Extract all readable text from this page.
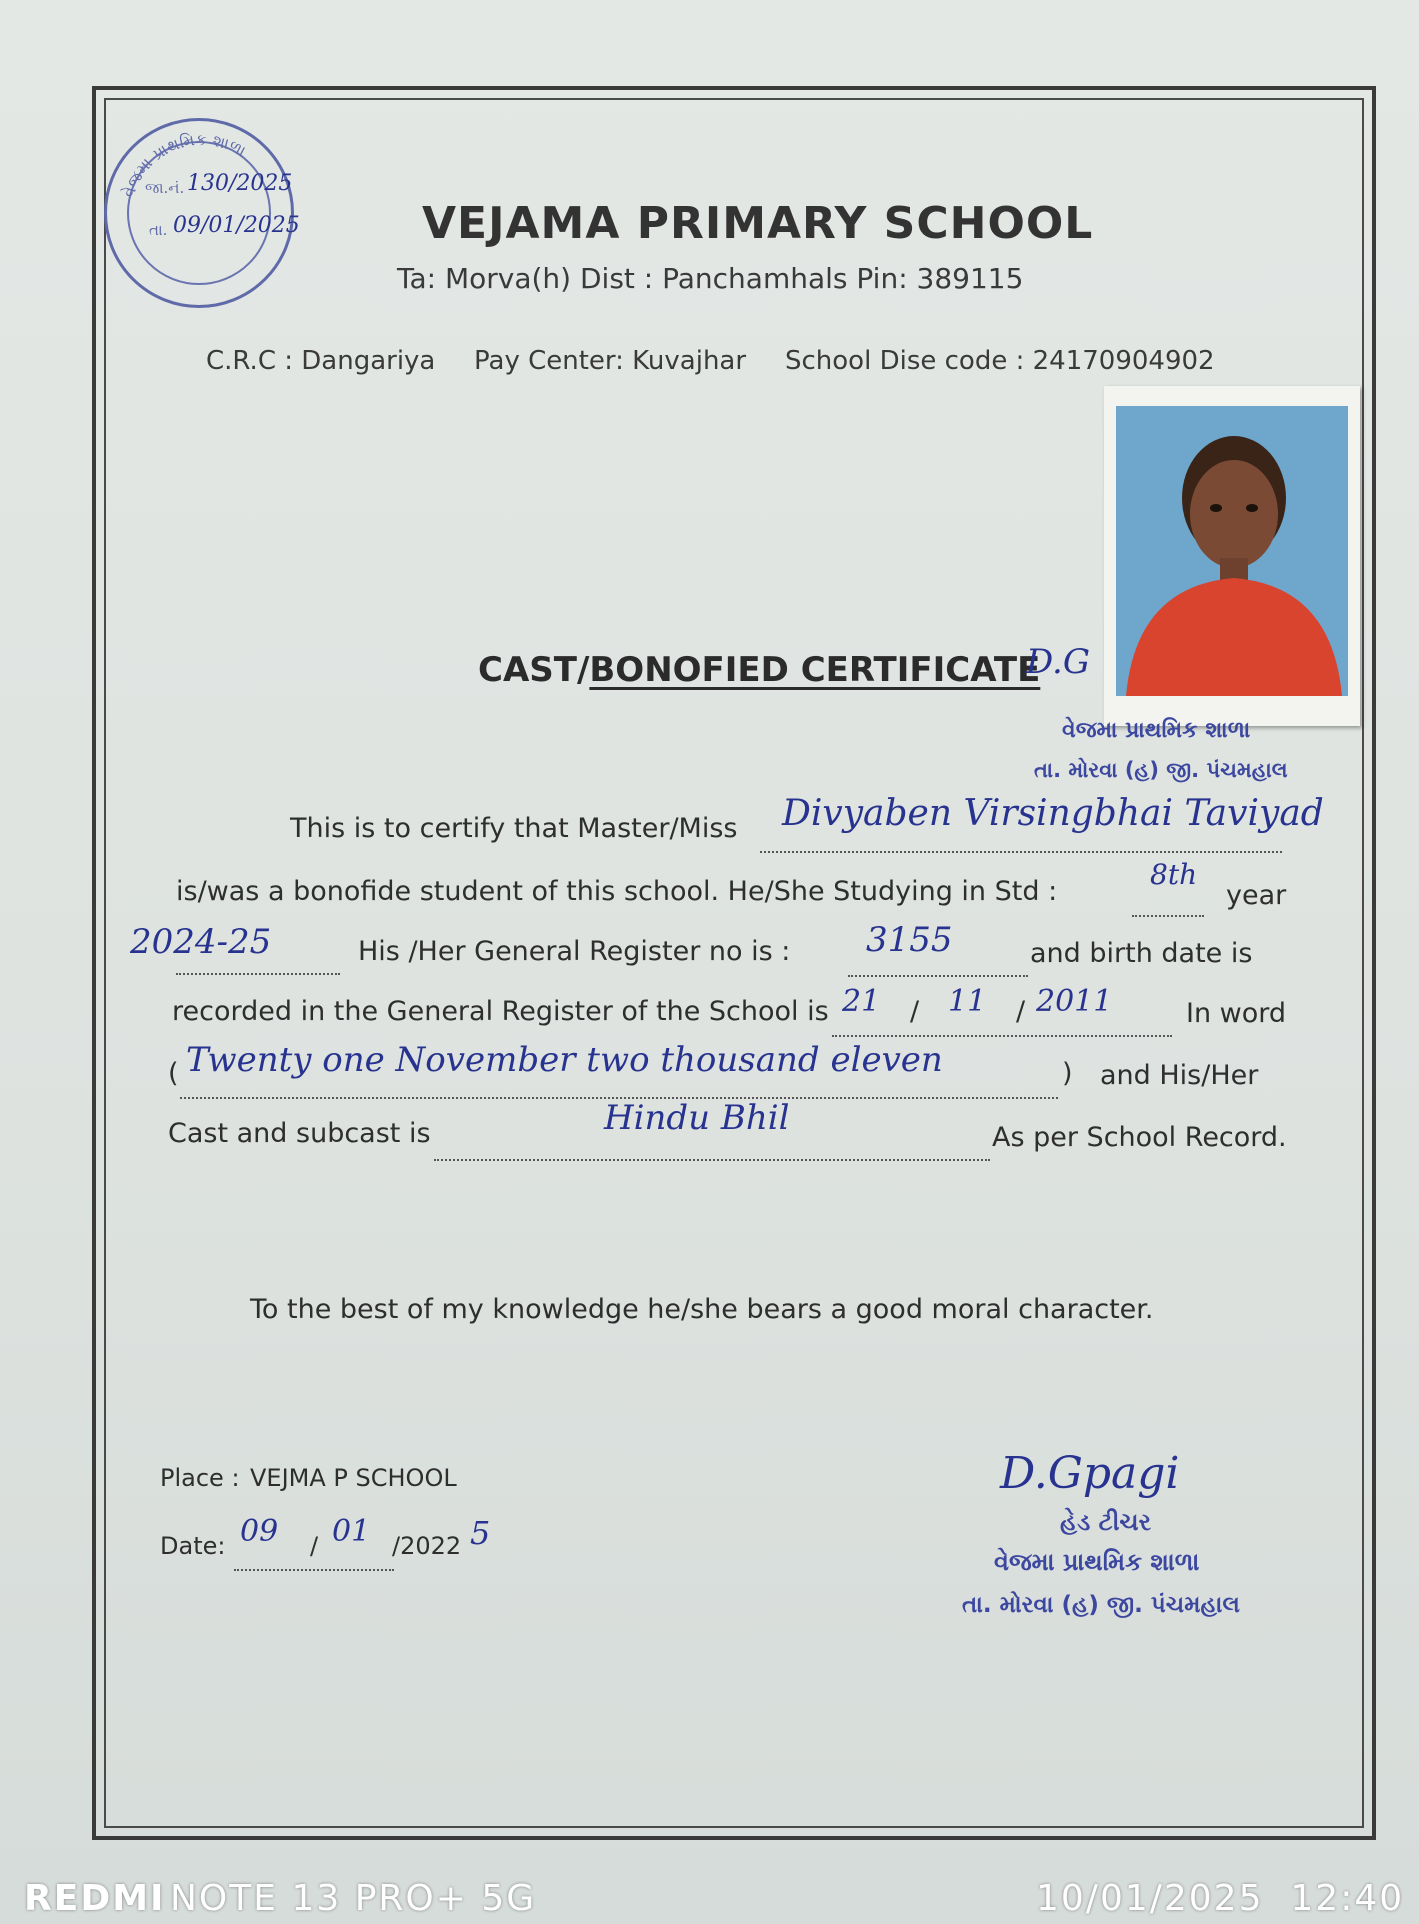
વેજમા પ્રાથમિક શાળા
જા.નં. 130/2025
તા. 09/01/2025	VEJAMA PRIMARY SCHOOL
Ta: Morva(h) Dist : Panchamhals Pin: 389115
C.R.C : Dangariya Pay Center: Kuvajhar School Dise code : 24170904902
CAST/BONOFIED CERTIFICATE
D.G
વેજમા પ્રાથમિક શાળા
તા. મોરવા (હ) જી. પંચમહાલ
This is to certify that Master/Miss Divyaben Virsingbhai Taviyad
is/was a bonofide student of this school. He/She Studying in Std :
8th
year
2024-25	His /Her General Register no is : 3155	and birth date is
recorded in the General Register of the School is 21 / 11 / 2011	In word
( Twenty one November two thousand eleven	) and His/Her
Cast and subcast is	Hindu Bhil	As per School Record.
To the best of my knowledge he/she bears a good moral character.
Place : VEJMA P SCHOOL
Date: 09 / 01 /2022 5
D.Gpagi
હેડ ટીચર
વેજમા પ્રાથમિક શાળા
તા. મોરવા (હ) જી. પંચમહાલ
REDMI NOTE 13 PRO+ 5G	10/01/2025  12:40
